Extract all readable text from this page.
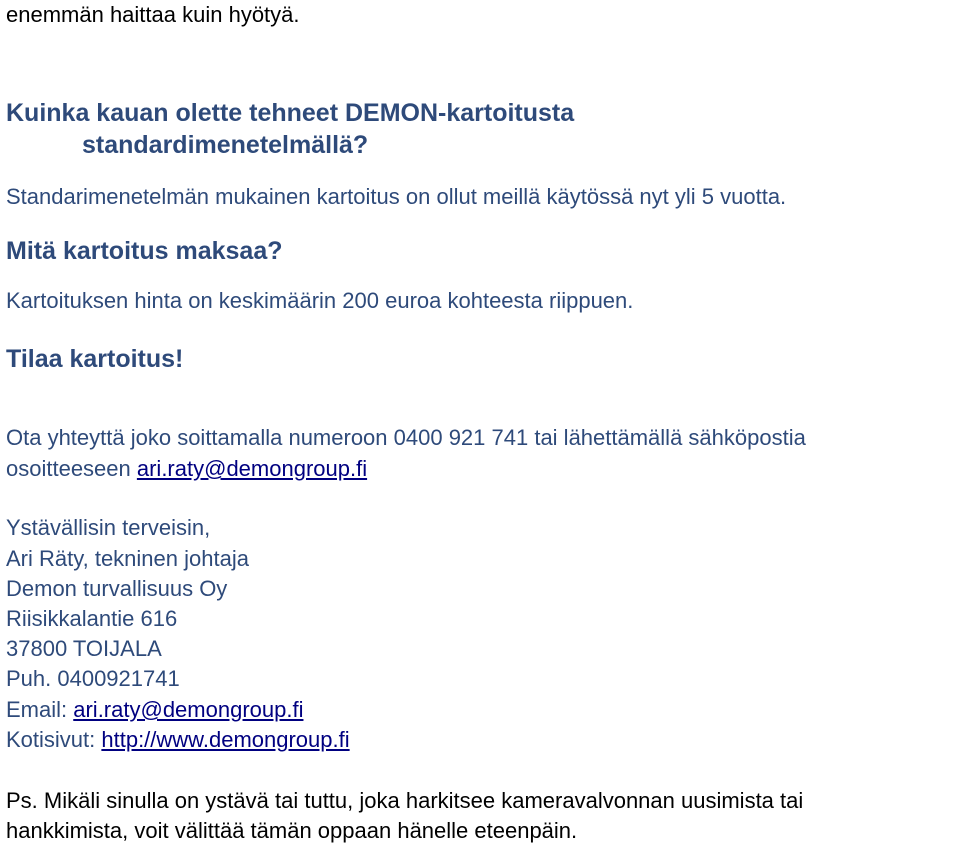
enemmän haittaa kuin hyötyä.
Kuinka kauan olette tehneet DEMON-kartoitusta
standardimenetelmällä?
Standarimenetelmän mukainen kartoitus on ollut meillä käytössä nyt yli 5 vuotta.
Mitä kartoitus maksaa?
Kartoituksen hinta on keskimäärin 200 euroa kohteesta riippuen.
Tilaa kartoitus!
Ota yhteyttä joko soittamalla numeroon 0400 921 741 tai lähettämällä sähköpostia
osoitteeseen ari.raty@demongroup.fi
Ystävällisin terveisin,
Ari Räty, tekninen johtaja
Demon turvallisuus Oy
Riisikkalantie 616
37800 TOIJALA
Puh. 0400921741
Email: ari.raty@demongroup.fi
Kotisivut: http://www.demongroup.fi
Ps. Mikäli sinulla on ystävä tai tuttu, joka harkitsee kameravalvonnan uusimista tai
hankkimista, voit välittää tämän oppaan hänelle eteenpäin.
